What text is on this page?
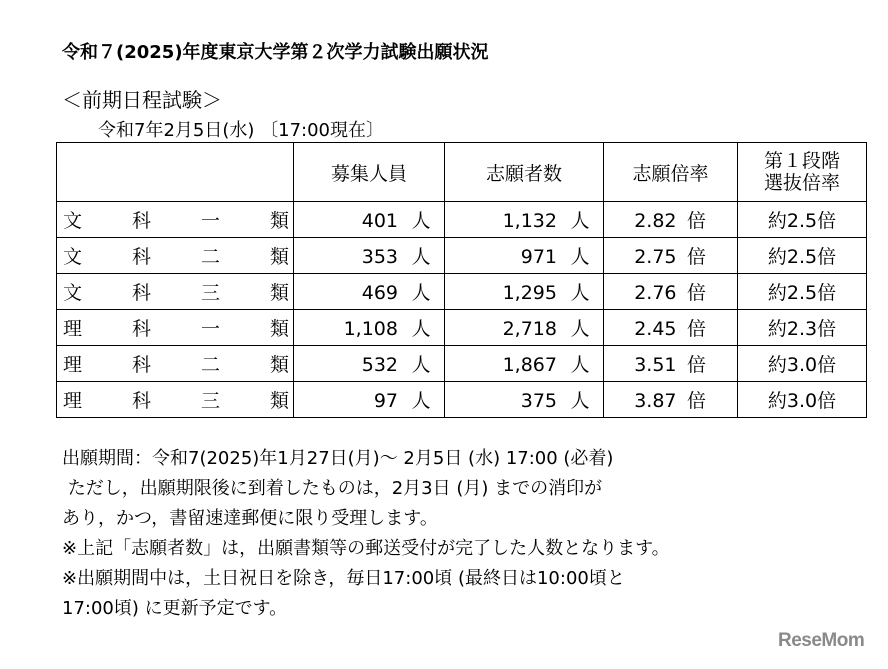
令和７(2025)年度東京大学第２次学力試験出願状況
＜前期日程試験＞
令和7年2月5日(水) 〔17:00現在〕
	募集人員	志願者数	志願倍率	第１段階
選抜倍率

文 科 一 類	401 人	1,132 人	2.82 倍	約2.5倍

文 科 二 類	353 人	971 人	2.75 倍	約2.5倍

文 科 三 類	469 人	1,295 人	2.76 倍	約2.5倍

理 科 一 類	1,108 人	2,718 人	2.45 倍	約2.3倍

理 科 二 類	532 人	1,867 人	3.51 倍	約3.0倍

理 科 三 類	97 人	375 人	3.87 倍	約3.0倍
出願期間：令和7(2025)年1月27日(月)～ 2月5日 (水) 17:00 (必着)
ただし，出願期限後に到着したものは，2月3日 (月) までの消印が
あり，かつ，書留速達郵便に限り受理します。
※上記「志願者数」は，出願書類等の郵送受付が完了した人数となります。
※出願期間中は，土日祝日を除き，毎日17:00頃 (最終日は10:00頃と
17:00頃) に更新予定です。
ReseMom
